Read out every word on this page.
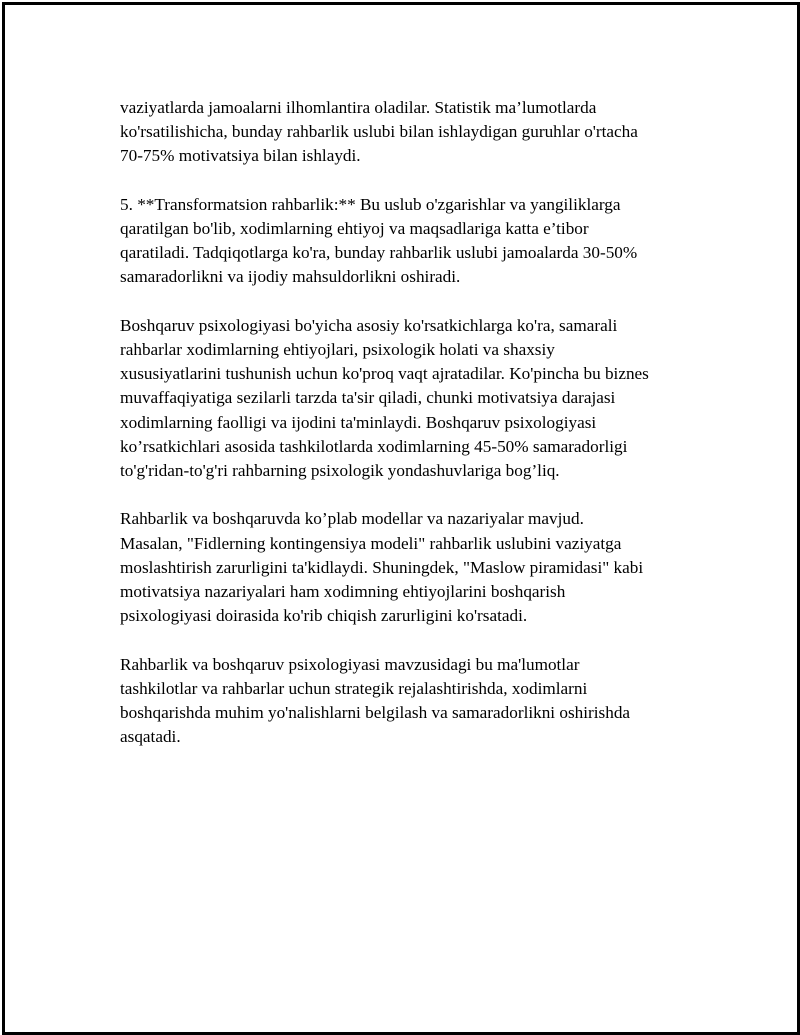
vaziyatlarda jamoalarni ilhomlantira oladilar. Statistik ma’lumotlarda
ko'rsatilishicha, bunday rahbarlik uslubi bilan ishlaydigan guruhlar o'rtacha
70-75% motivatsiya bilan ishlaydi.

5. **Transformatsion rahbarlik:** Bu uslub o'zgarishlar va yangiliklarga
qaratilgan bo'lib, xodimlarning ehtiyoj va maqsadlariga katta e’tibor
qaratiladi. Tadqiqotlarga ko'ra, bunday rahbarlik uslubi jamoalarda 30-50%
samaradorlikni va ijodiy mahsuldorlikni oshiradi.

Boshqaruv psixologiyasi bo'yicha asosiy ko'rsatkichlarga ko'ra, samarali
rahbarlar xodimlarning ehtiyojlari, psixologik holati va shaxsiy
xususiyatlarini tushunish uchun ko'proq vaqt ajratadilar. Ko'pincha bu biznes
muvaffaqiyatiga sezilarli tarzda ta'sir qiladi, chunki motivatsiya darajasi
xodimlarning faolligi va ijodini ta'minlaydi. Boshqaruv psixologiyasi
ko’rsatkichlari asosida tashkilotlarda xodimlarning 45-50% samaradorligi
to'g'ridan-to'g'ri rahbarning psixologik yondashuvlariga bog’liq.

Rahbarlik va boshqaruvda ko’plab modellar va nazariyalar mavjud.
Masalan, "Fidlerning kontingensiya modeli" rahbarlik uslubini vaziyatga
moslashtirish zarurligini ta'kidlaydi. Shuningdek, "Maslow piramidasi" kabi
motivatsiya nazariyalari ham xodimning ehtiyojlarini boshqarish
psixologiyasi doirasida ko'rib chiqish zarurligini ko'rsatadi.

Rahbarlik va boshqaruv psixologiyasi mavzusidagi bu ma'lumotlar
tashkilotlar va rahbarlar uchun strategik rejalashtirishda, xodimlarni
boshqarishda muhim yo'nalishlarni belgilash va samaradorlikni oshirishda
asqatadi.
